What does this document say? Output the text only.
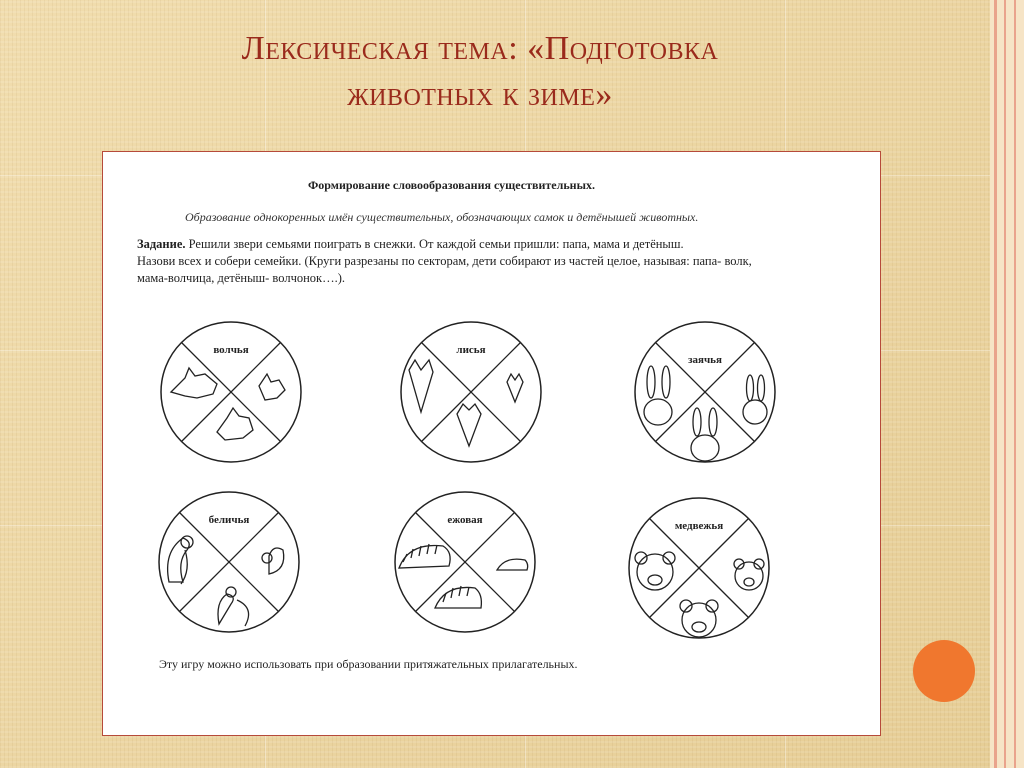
Лексическая тема: «Подготовка
животных к зиме»
Формирование словообразования существительных.
Образование однокоренных имён существительных, обозначающих самок и детёнышей животных.
Задание. Решили звери семьями поиграть в снежки. От каждой семьи пришли: папа, мама и детёныш.
Назови всех и собери семейки. (Круги разрезаны по секторам, дети собирают из частей целое, называя: папа- волк,
мама-волчица, детёныш- волчонок….).
волчья	лисья
заячья
беличья	ежовая	медвежья
Эту игру можно использовать при образовании притяжательных прилагательных.
